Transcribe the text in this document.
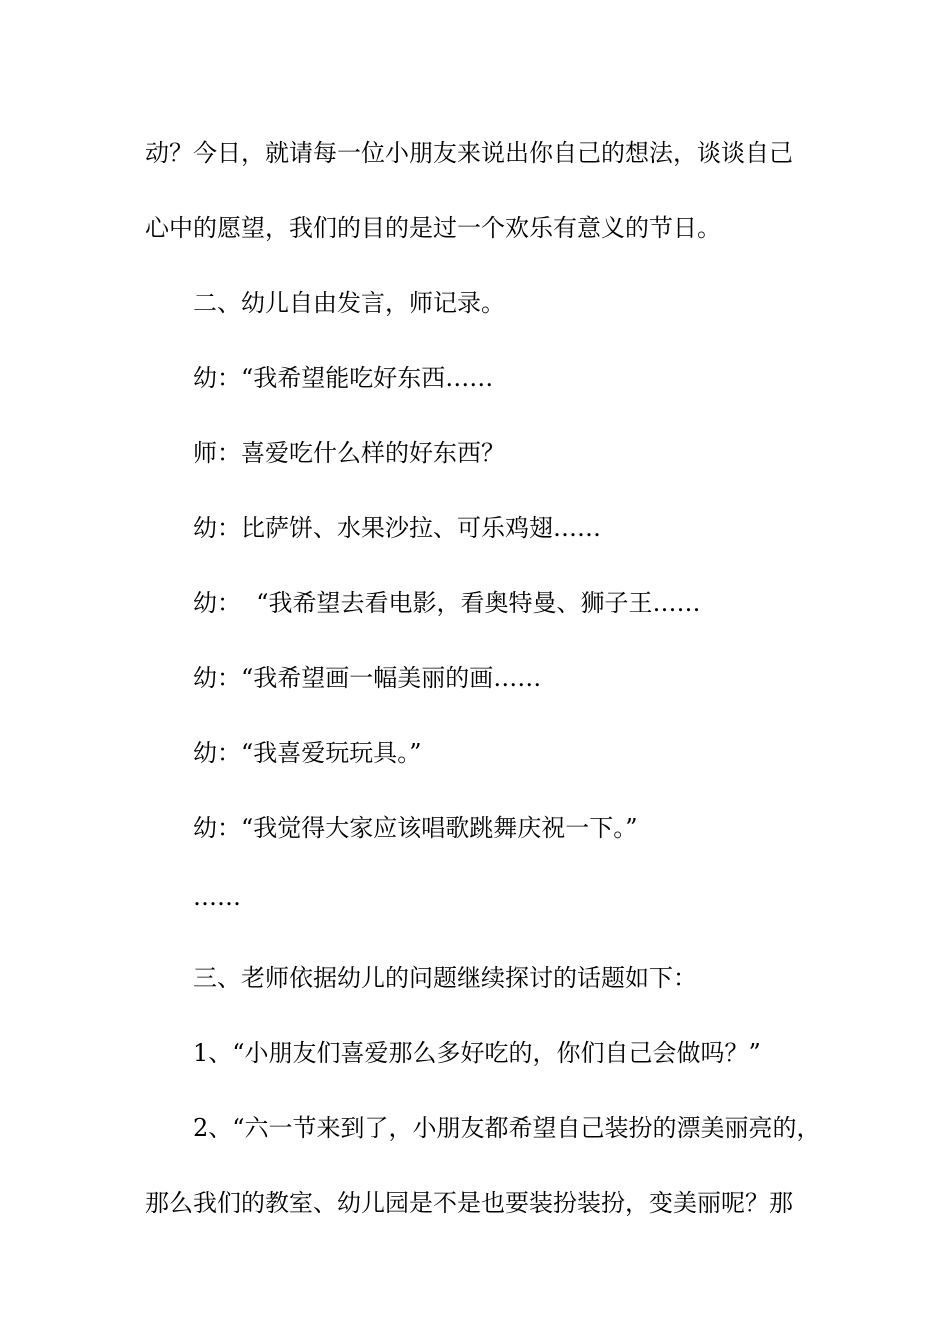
动？今日，就请每一位小朋友来说出你自己的想法，谈谈自己
心中的愿望，我们的目的是过一个欢乐有意义的节日。
二、幼儿自由发言，师记录。
幼：“我希望能吃好东西……
师：喜爱吃什么样的好东西？
幼：比萨饼、水果沙拉、可乐鸡翅……
幼：  “我希望去看电影，看奥特曼、狮子王……
幼：“我希望画一幅美丽的画……
幼：“我喜爱玩玩具。”
幼：“我觉得大家应该唱歌跳舞庆祝一下。”
……
三、老师依据幼儿的问题继续探讨的话题如下：
1、“小朋友们喜爱那么多好吃的，你们自己会做吗？”
2、“六一节来到了，小朋友都希望自己装扮的漂美丽亮的，
那么我们的教室、幼儿园是不是也要装扮装扮，变美丽呢？那
